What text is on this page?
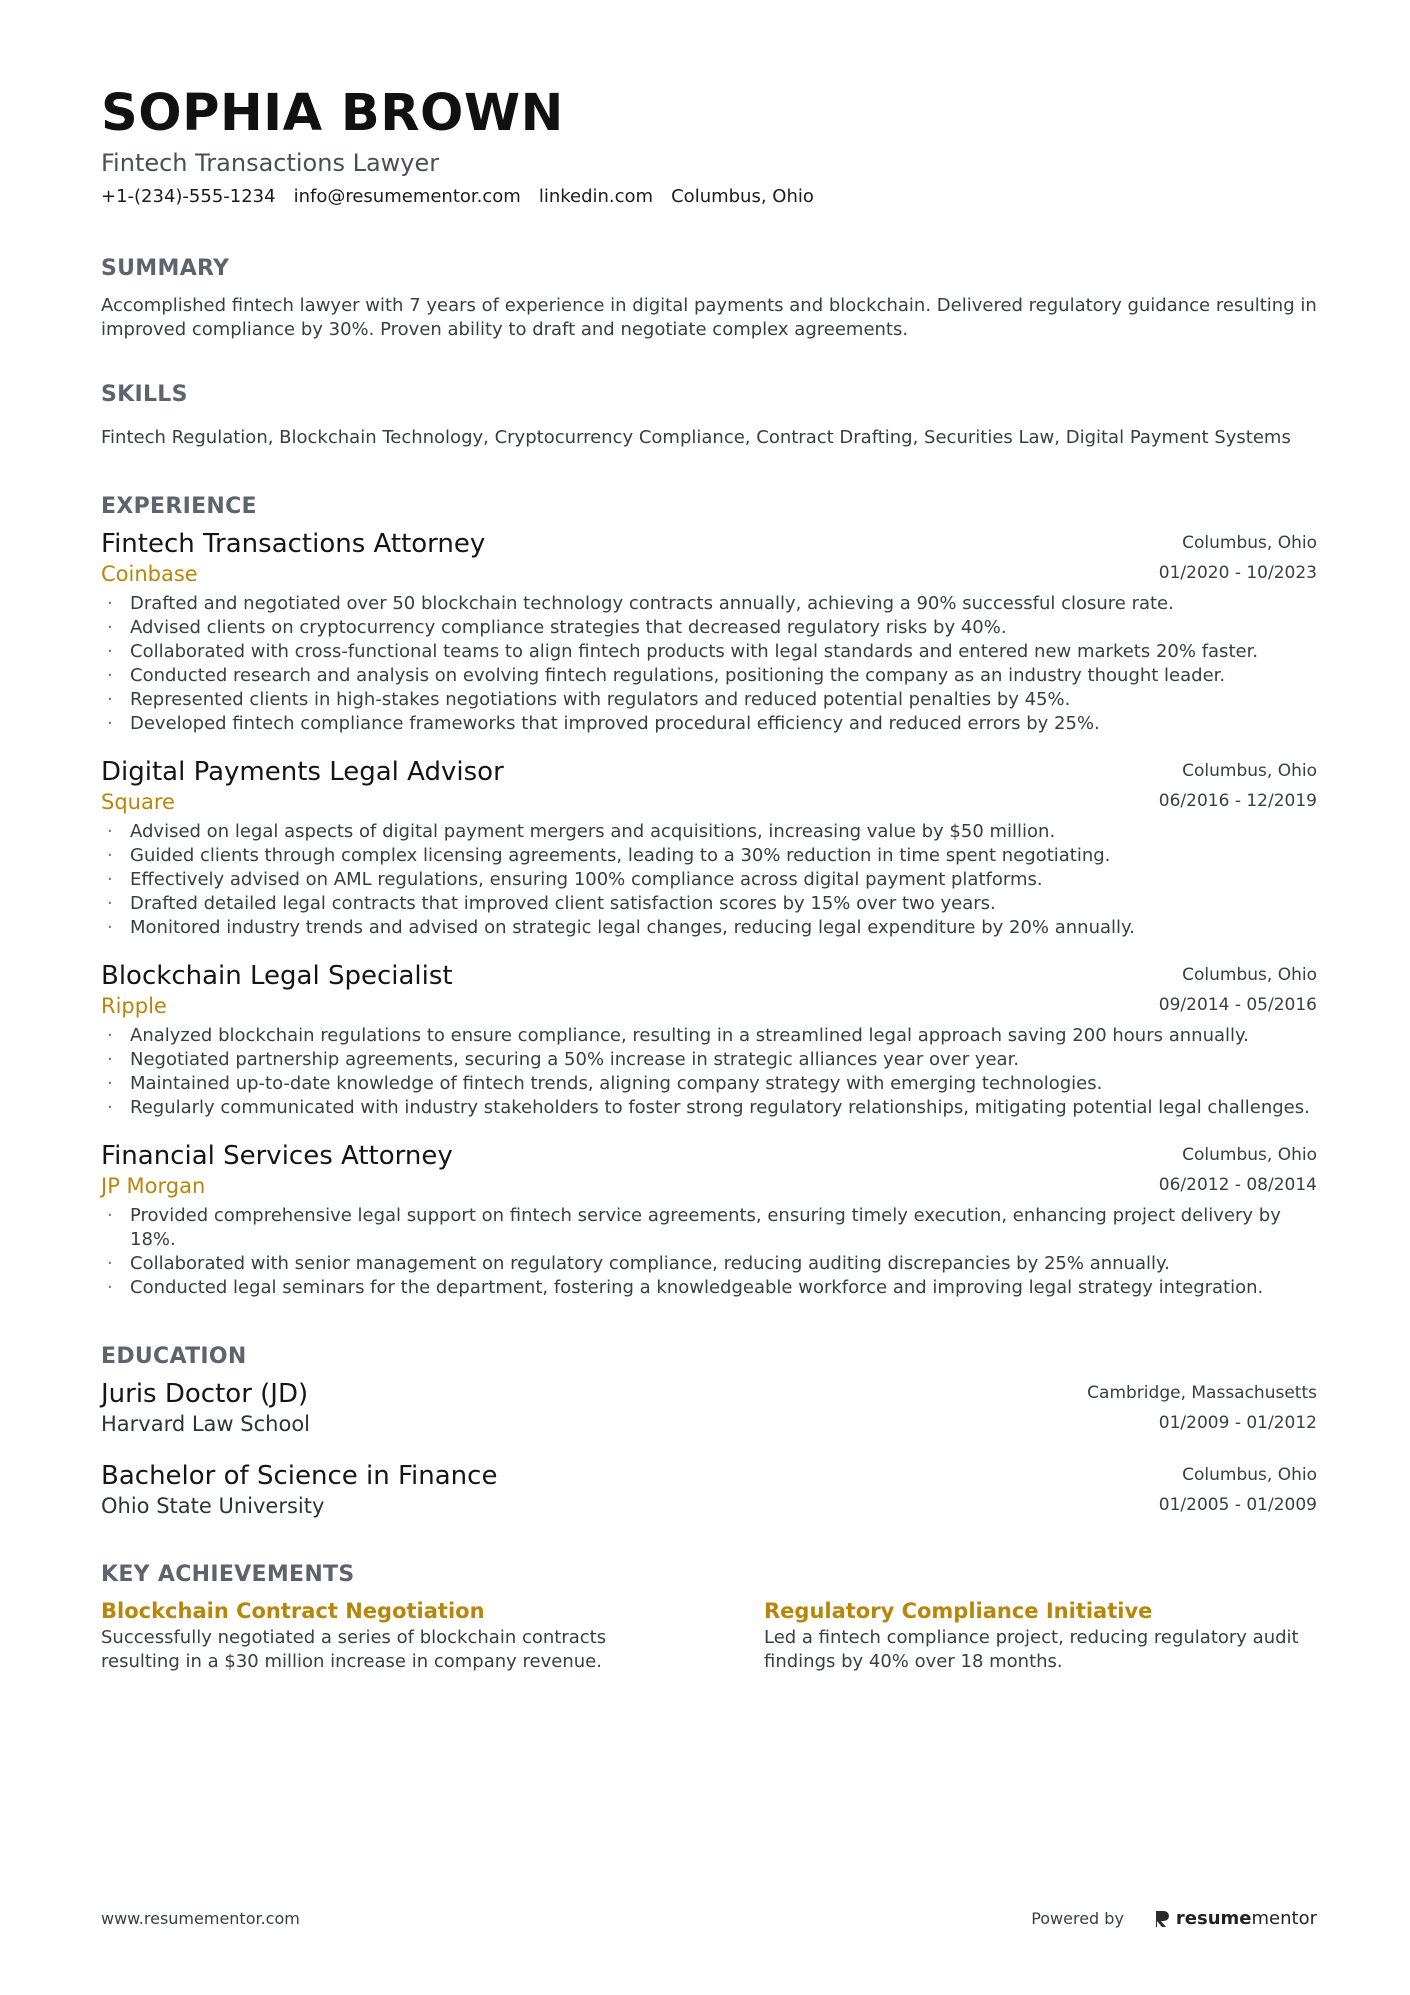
SOPHIA BROWN
Fintech Transactions Lawyer
+1-(234)-555-1234 info@resumementor.com linkedin.com Columbus, Ohio
SUMMARY
Accomplished fintech lawyer with 7 years of experience in digital payments and blockchain. Delivered regulatory guidance resulting in improved compliance by 30%. Proven ability to draft and negotiate complex agreements.
SKILLS
Fintech Regulation, Blockchain Technology, Cryptocurrency Compliance, Contract Drafting, Securities Law, Digital Payment Systems
EXPERIENCE
Fintech Transactions Attorney
Coinbase
Columbus, Ohio
01/2020 - 10/2023
· Drafted and negotiated over 50 blockchain technology contracts annually, achieving a 90% successful closure rate.
· Advised clients on cryptocurrency compliance strategies that decreased regulatory risks by 40%.
· Collaborated with cross-functional teams to align fintech products with legal standards and entered new markets 20% faster.
· Conducted research and analysis on evolving fintech regulations, positioning the company as an industry thought leader.
· Represented clients in high-stakes negotiations with regulators and reduced potential penalties by 45%.
· Developed fintech compliance frameworks that improved procedural efficiency and reduced errors by 25%.
Digital Payments Legal Advisor
Square
Columbus, Ohio
06/2016 - 12/2019
· Advised on legal aspects of digital payment mergers and acquisitions, increasing value by $50 million.
· Guided clients through complex licensing agreements, leading to a 30% reduction in time spent negotiating.
· Effectively advised on AML regulations, ensuring 100% compliance across digital payment platforms.
· Drafted detailed legal contracts that improved client satisfaction scores by 15% over two years.
· Monitored industry trends and advised on strategic legal changes, reducing legal expenditure by 20% annually.
Blockchain Legal Specialist
Ripple
Columbus, Ohio
09/2014 - 05/2016
· Analyzed blockchain regulations to ensure compliance, resulting in a streamlined legal approach saving 200 hours annually.
· Negotiated partnership agreements, securing a 50% increase in strategic alliances year over year.
· Maintained up-to-date knowledge of fintech trends, aligning company strategy with emerging technologies.
· Regularly communicated with industry stakeholders to foster strong regulatory relationships, mitigating potential legal challenges.
Financial Services Attorney
JP Morgan
Columbus, Ohio
06/2012 - 08/2014
· Provided comprehensive legal support on fintech service agreements, ensuring timely execution, enhancing project delivery by 18%.
· Collaborated with senior management on regulatory compliance, reducing auditing discrepancies by 25% annually.
· Conducted legal seminars for the department, fostering a knowledgeable workforce and improving legal strategy integration.
EDUCATION
Juris Doctor (JD)
Harvard Law School
Cambridge, Massachusetts
01/2009 - 01/2012
Bachelor of Science in Finance
Ohio State University
Columbus, Ohio
01/2005 - 01/2009
KEY ACHIEVEMENTS
Blockchain Contract Negotiation
Successfully negotiated a series of blockchain contracts resulting in a $30 million increase in company revenue.
Regulatory Compliance Initiative
Led a fintech compliance project, reducing regulatory audit findings by 40% over 18 months.
www.resumementor.com	Powered by	resumementor
